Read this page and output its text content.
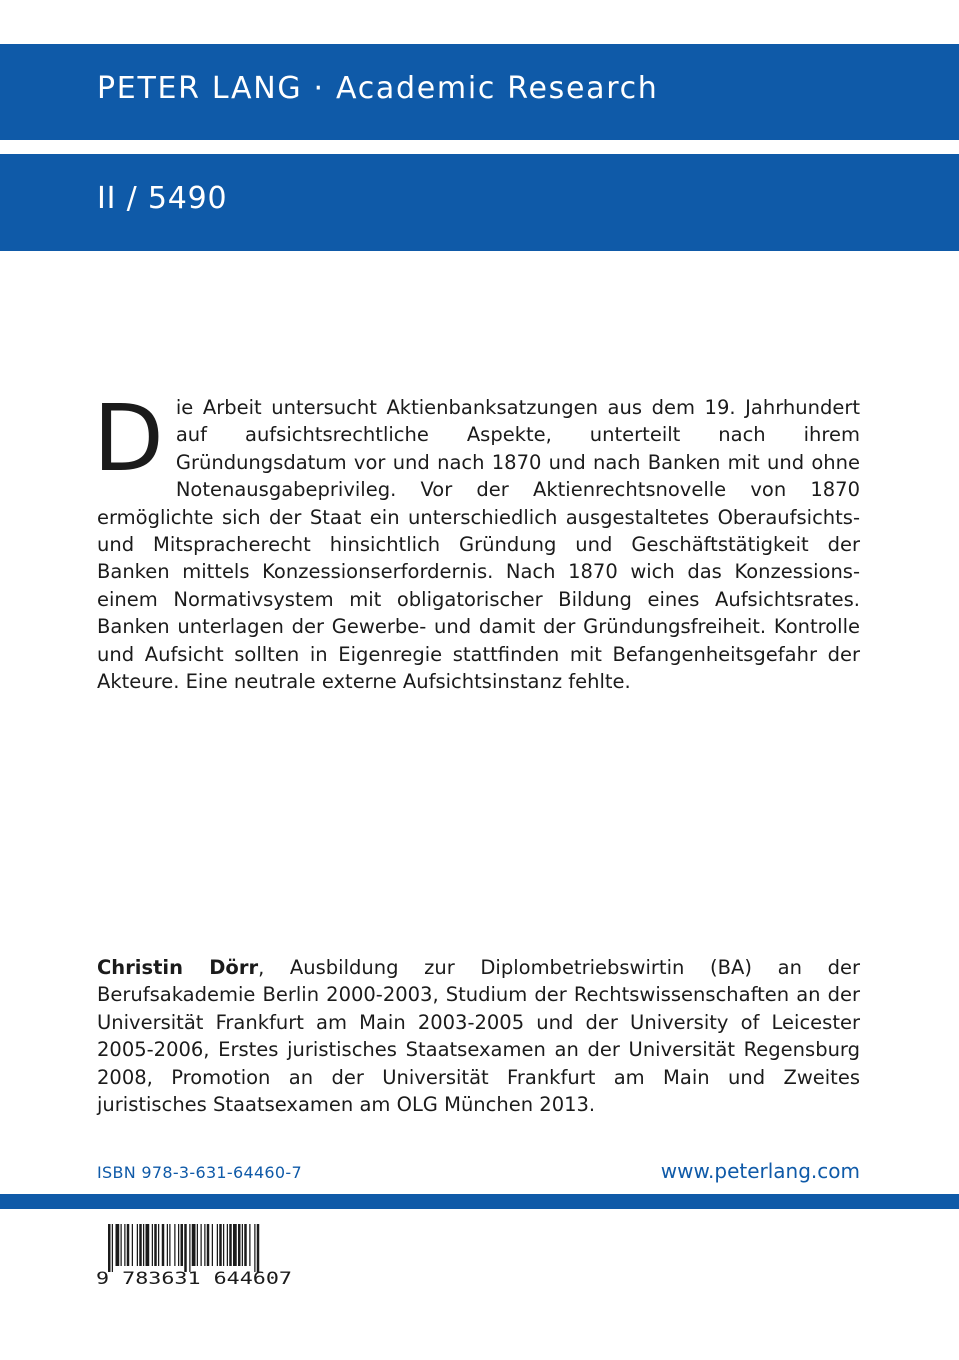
PETER LANG · Academic Research
II / 5490

Die Arbeit untersucht Aktienbanksatzungen aus dem 19. Jahrhundert auf aufsichtsrechtliche Aspekte, unterteilt nach ihrem Gründungsdatum vor und nach 1870 und nach Banken mit und ohne Notenausgabeprivileg. Vor der Aktienrechtsnovelle von 1870 ermöglichte sich der Staat ein unterschiedlich ausgestaltetes Oberaufsichts- und Mitspracherecht hinsichtlich Gründung und Geschäftstätigkeit der Banken mittels Konzessionserfordernis. Nach 1870 wich das Konzessions- einem Normativsystem mit obligatorischer Bildung eines Aufsichtsrates. Banken unterlagen der Gewerbe- und damit der Gründungsfreiheit. Kontrolle und Aufsicht sollten in Eigenregie stattfinden mit Befangenheitsgefahr der Akteure. Eine neutrale externe Aufsichtsinstanz fehlte.

Christin Dörr, Ausbildung zur Diplombetriebswirtin (BA) an der Berufsakademie Berlin 2000-2003, Studium der Rechtswissenschaften an der Universität Frankfurt am Main 2003-2005 und der University of Leicester 2005-2006, Erstes juristisches Staatsexamen an der Universität Regensburg 2008, Promotion an der Universität Frankfurt am Main und Zweites juristisches Staatsexamen am OLG München 2013.

ISBN 978-3-631-64460-7	www.peterlang.com
9 783631 644607
